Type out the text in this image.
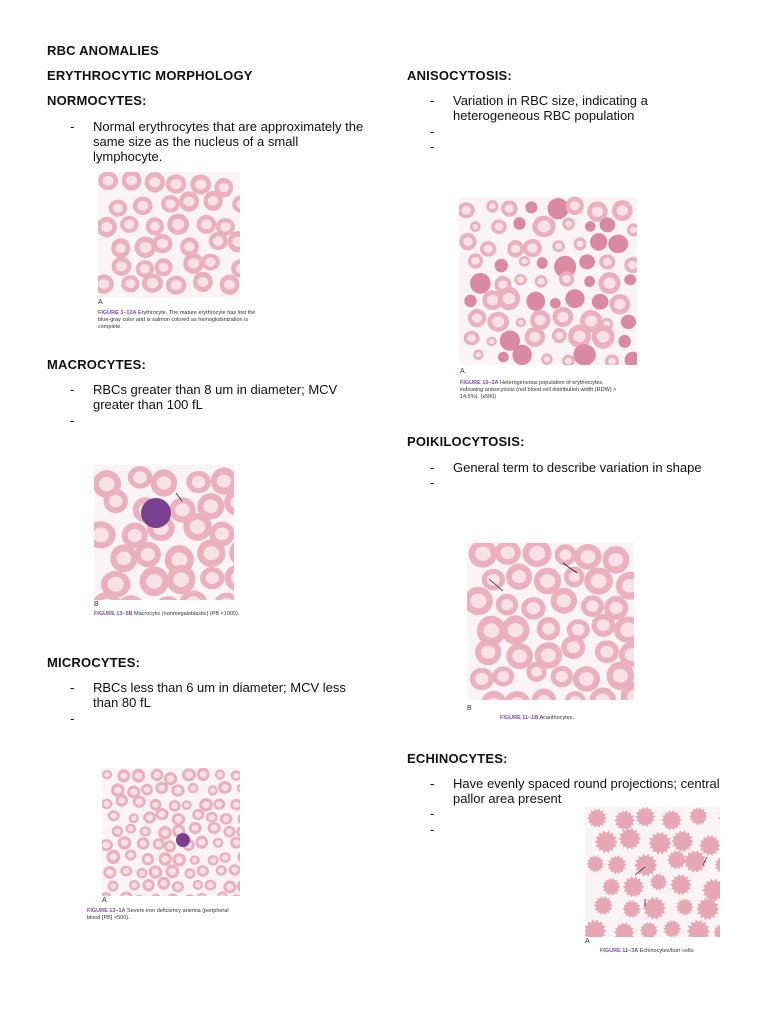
RBC ANOMALIES
ERYTHROCYTIC MORPHOLOGY
NORMOCYTES:
- Normal erythrocytes that are approximately the same size as the nucleus of a small lymphocyte.
A
FIGURE 3–12A Erythrocyte. The mature erythrocyte has lost the blue-gray color and is salmon colored as hemoglobinization is complete.
MACROCYTES:
- RBCs greater than 8 um in diameter; MCV greater than 100 fL
-
B
FIGURE 13–5B Macrocytic (nonmegaloblastic) (PB ×1000).
MICROCYTES:
- RBCs less than 6 um in diameter; MCV less than 80 fL
-
A
FIGURE 13–1A Severe iron deficiency anemia (peripheral blood [PB] ×500).
ANISOCYTOSIS:
- Variation in RBC size, indicating a heterogeneous RBC population
-
-
A
FIGURE 10–2A Heterogeneous population of erythrocytes, indicating anisocytosis (red blood cell distribution width (RDW) > 14.5%). (x500)
POIKILOCYTOSIS:
- General term to describe variation in shape
-
B
FIGURE 11–1B Acanthocytes.
ECHINOCYTES:
- Have evenly spaced round projections; central pallor area present
-
-
A
FIGURE 11–3A Echinocytes/burr cells.
